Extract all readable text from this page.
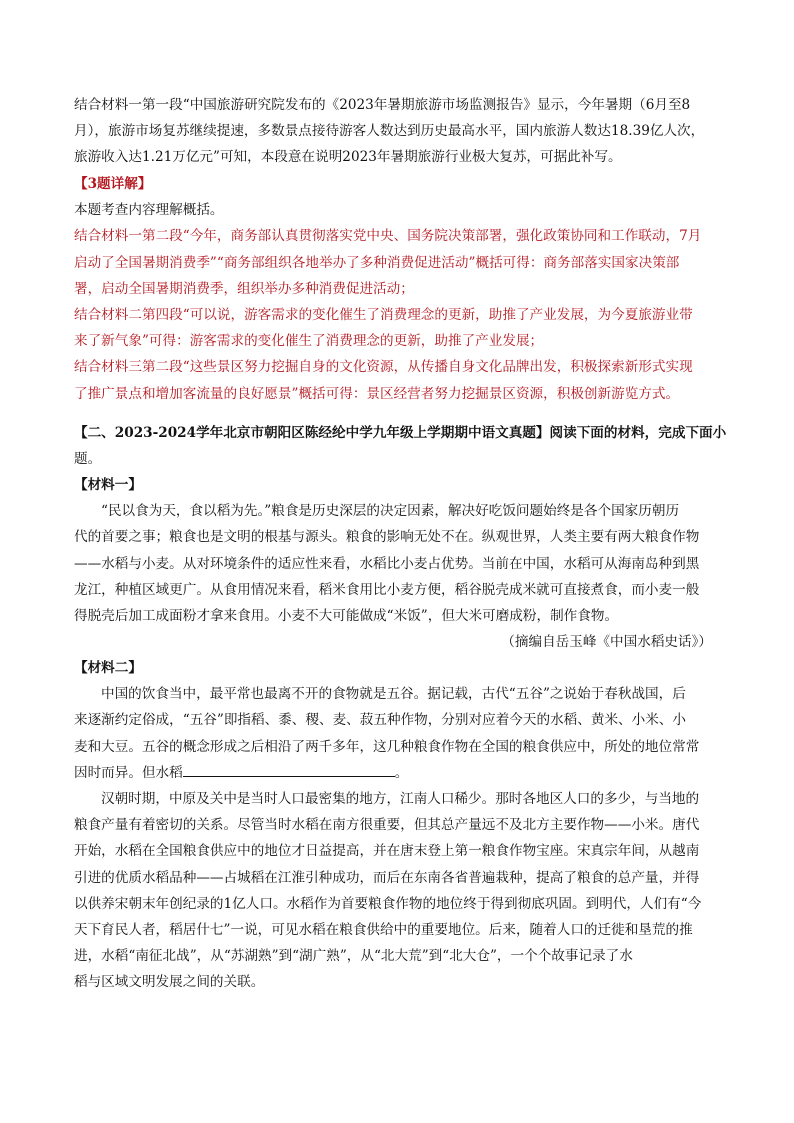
结合材料一第一段“中国旅游研究院发布的《2023年暑期旅游市场监测报告》显示，今年暑期（6月至8
月），旅游市场复苏继续提速，多数景点接待游客人数达到历史最高水平，国内旅游人数达18.39亿人次，
旅游收入达1.21万亿元”可知，本段意在说明2023年暑期旅游行业极大复苏，可据此补写。
【3题详解】
本题考查内容理解概括。
结合材料一第二段“今年，商务部认真贯彻落实党中央、国务院决策部署，强化政策协同和工作联动，7月
启动了全国暑期消费季”“商务部组织各地举办了多种消费促进活动”概括可得：商务部落实国家决策部
署，启动全国暑期消费季，组织举办多种消费促进活动；
结合材料二第四段“可以说，游客需求的变化催生了消费理念的更新，助推了产业发展，为今夏旅游业带
来了新气象”可得：游客需求的变化催生了消费理念的更新，助推了产业发展；
结合材料三第二段“这些景区努力挖掘自身的文化资源，从传播自身文化品牌出发，积极探索新形式实现
了推广景点和增加客流量的良好愿景”概括可得：景区经营者努力挖掘景区资源，积极创新游览方式。
【二、2023-2024学年北京市朝阳区陈经纶中学九年级上学期期中语文真题】阅读下面的材料，完成下面小
题。
【材料一】
“民以食为天，食以稻为先。”粮食是历史深层的决定因素，解决好吃饭问题始终是各个国家历朝历
代的首要之事；粮食也是文明的根基与源头。粮食的影响无处不在。纵观世界，人类主要有两大粮食作物
——水稻与小麦。从对环境条件的适应性来看，水稻比小麦占优势。当前在中国，水稻可从海南岛种到黑
龙江，种植区域更广。从食用情况来看，稻米食用比小麦方便，稻谷脱壳成米就可直接煮食，而小麦一般
得脱壳后加工成面粉才拿来食用。小麦不大可能做成“米饭”，但大米可磨成粉，制作食物。
（摘编自岳玉峰《中国水稻史话》）
【材料二】
中国的饮食当中，最平常也最离不开的食物就是五谷。据记载，古代“五谷”之说始于春秋战国，后
来逐渐约定俗成，“五谷”即指稻、黍、稷、麦、菽五种作物，分别对应着今天的水稻、黄米、小米、小
麦和大豆。五谷的概念形成之后相沿了两千多年，这几种粮食作物在全国的粮食供应中，所处的地位常常
因时而异。但水稻	。
汉朝时期，中原及关中是当时人口最密集的地方，江南人口稀少。那时各地区人口的多少，与当地的
粮食产量有着密切的关系。尽管当时水稻在南方很重要，但其总产量远不及北方主要作物——小米。唐代
开始，水稻在全国粮食供应中的地位才日益提高，并在唐末登上第一粮食作物宝座。宋真宗年间，从越南
引进的优质水稻品种——占城稻在江淮引种成功，而后在东南各省普遍栽种，提高了粮食的总产量，并得
以供养宋朝末年创纪录的1亿人口。水稻作为首要粮食作物的地位终于得到彻底巩固。到明代，人们有“今
天下育民人者，稻居什七”一说，可见水稻在粮食供给中的重要地位。后来，随着人口的迁徙和垦荒的推
进，水稻“南征北战”，从“苏湖熟”到“湖广熟”，从“北大荒”到“北大仓”，一个个故事记录了水
稻与区域文明发展之间的关联。
